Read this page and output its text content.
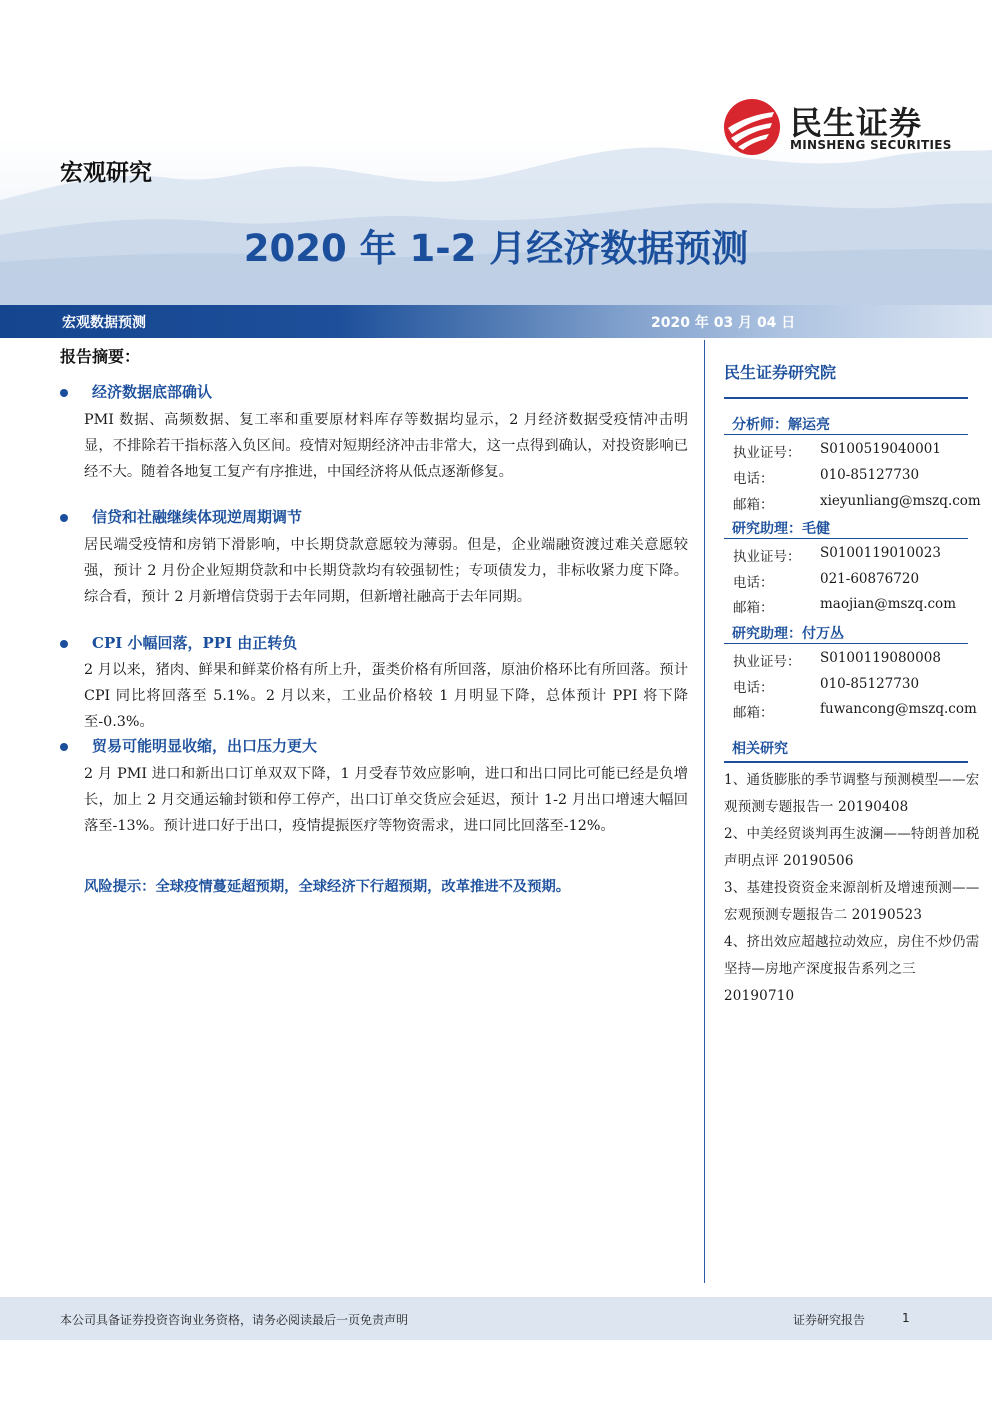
宏观研究
民生证券
MINSHENG SECURITIES
2020 年 1-2 月经济数据预测
宏观数据预测	2020 年 03 月 04 日
报告摘要：
经济数据底部确认

PMI 数据、高频数据、复工率和重要原材料库存等数据均显示，2 月经济数据受疫情冲击明显，不排除若干指标落入负区间。疫情对短期经济冲击非常大，这一点得到确认，对投资影响已经不大。随着各地复工复产有序推进，中国经济将从低点逐渐修复。

信贷和社融继续体现逆周期调节

居民端受疫情和房销下滑影响，中长期贷款意愿较为薄弱。但是，企业端融资渡过难关意愿较强，预计 2 月份企业短期贷款和中长期贷款均有较强韧性；专项债发力，非标收紧力度下降。综合看，预计 2 月新增信贷弱于去年同期，但新增社融高于去年同期。

CPI 小幅回落，PPI 由正转负

2 月以来，猪肉、鲜果和鲜菜价格有所上升，蛋类价格有所回落，原油价格环比有所回落。预计 CPI 同比将回落至 5.1%。2 月以来，工业品价格较 1 月明显下降，总体预计 PPI 将下降至-0.3%。

贸易可能明显收缩，出口压力更大

2 月 PMI 进口和新出口订单双双下降，1 月受春节效应影响，进口和出口同比可能已经是负增长，加上 2 月交通运输封锁和停工停产，出口订单交货应会延迟，预计 1-2 月出口增速大幅回落至-13%。预计进口好于出口，疫情提振医疗等物资需求，进口同比回落至-12%。

风险提示：全球疫情蔓延超预期，全球经济下行超预期，改革推进不及预期。
民生证券研究院
分析师：解运亮
执业证号： S0100519040001
电话：	010-85127730
邮箱：	xieyunliang@mszq.com
研究助理：毛健
执业证号： S0100119010023
电话：	021-60876720
邮箱：	maojian@mszq.com
研究助理：付万丛
执业证号： S0100119080008
电话：	010-85127730
邮箱：	fuwancong@mszq.com
相关研究
1、通货膨胀的季节调整与预测模型——宏观预测专题报告一 20190408
2、中美经贸谈判再生波澜——特朗普加税声明点评 20190506
3、基建投资资金来源剖析及增速预测——宏观预测专题报告二 20190523
4、挤出效应超越拉动效应，房住不炒仍需坚持—房地产深度报告系列之三 20190710
本公司具备证券投资咨询业务资格，请务必阅读最后一页免责声明	证券研究报告	1
